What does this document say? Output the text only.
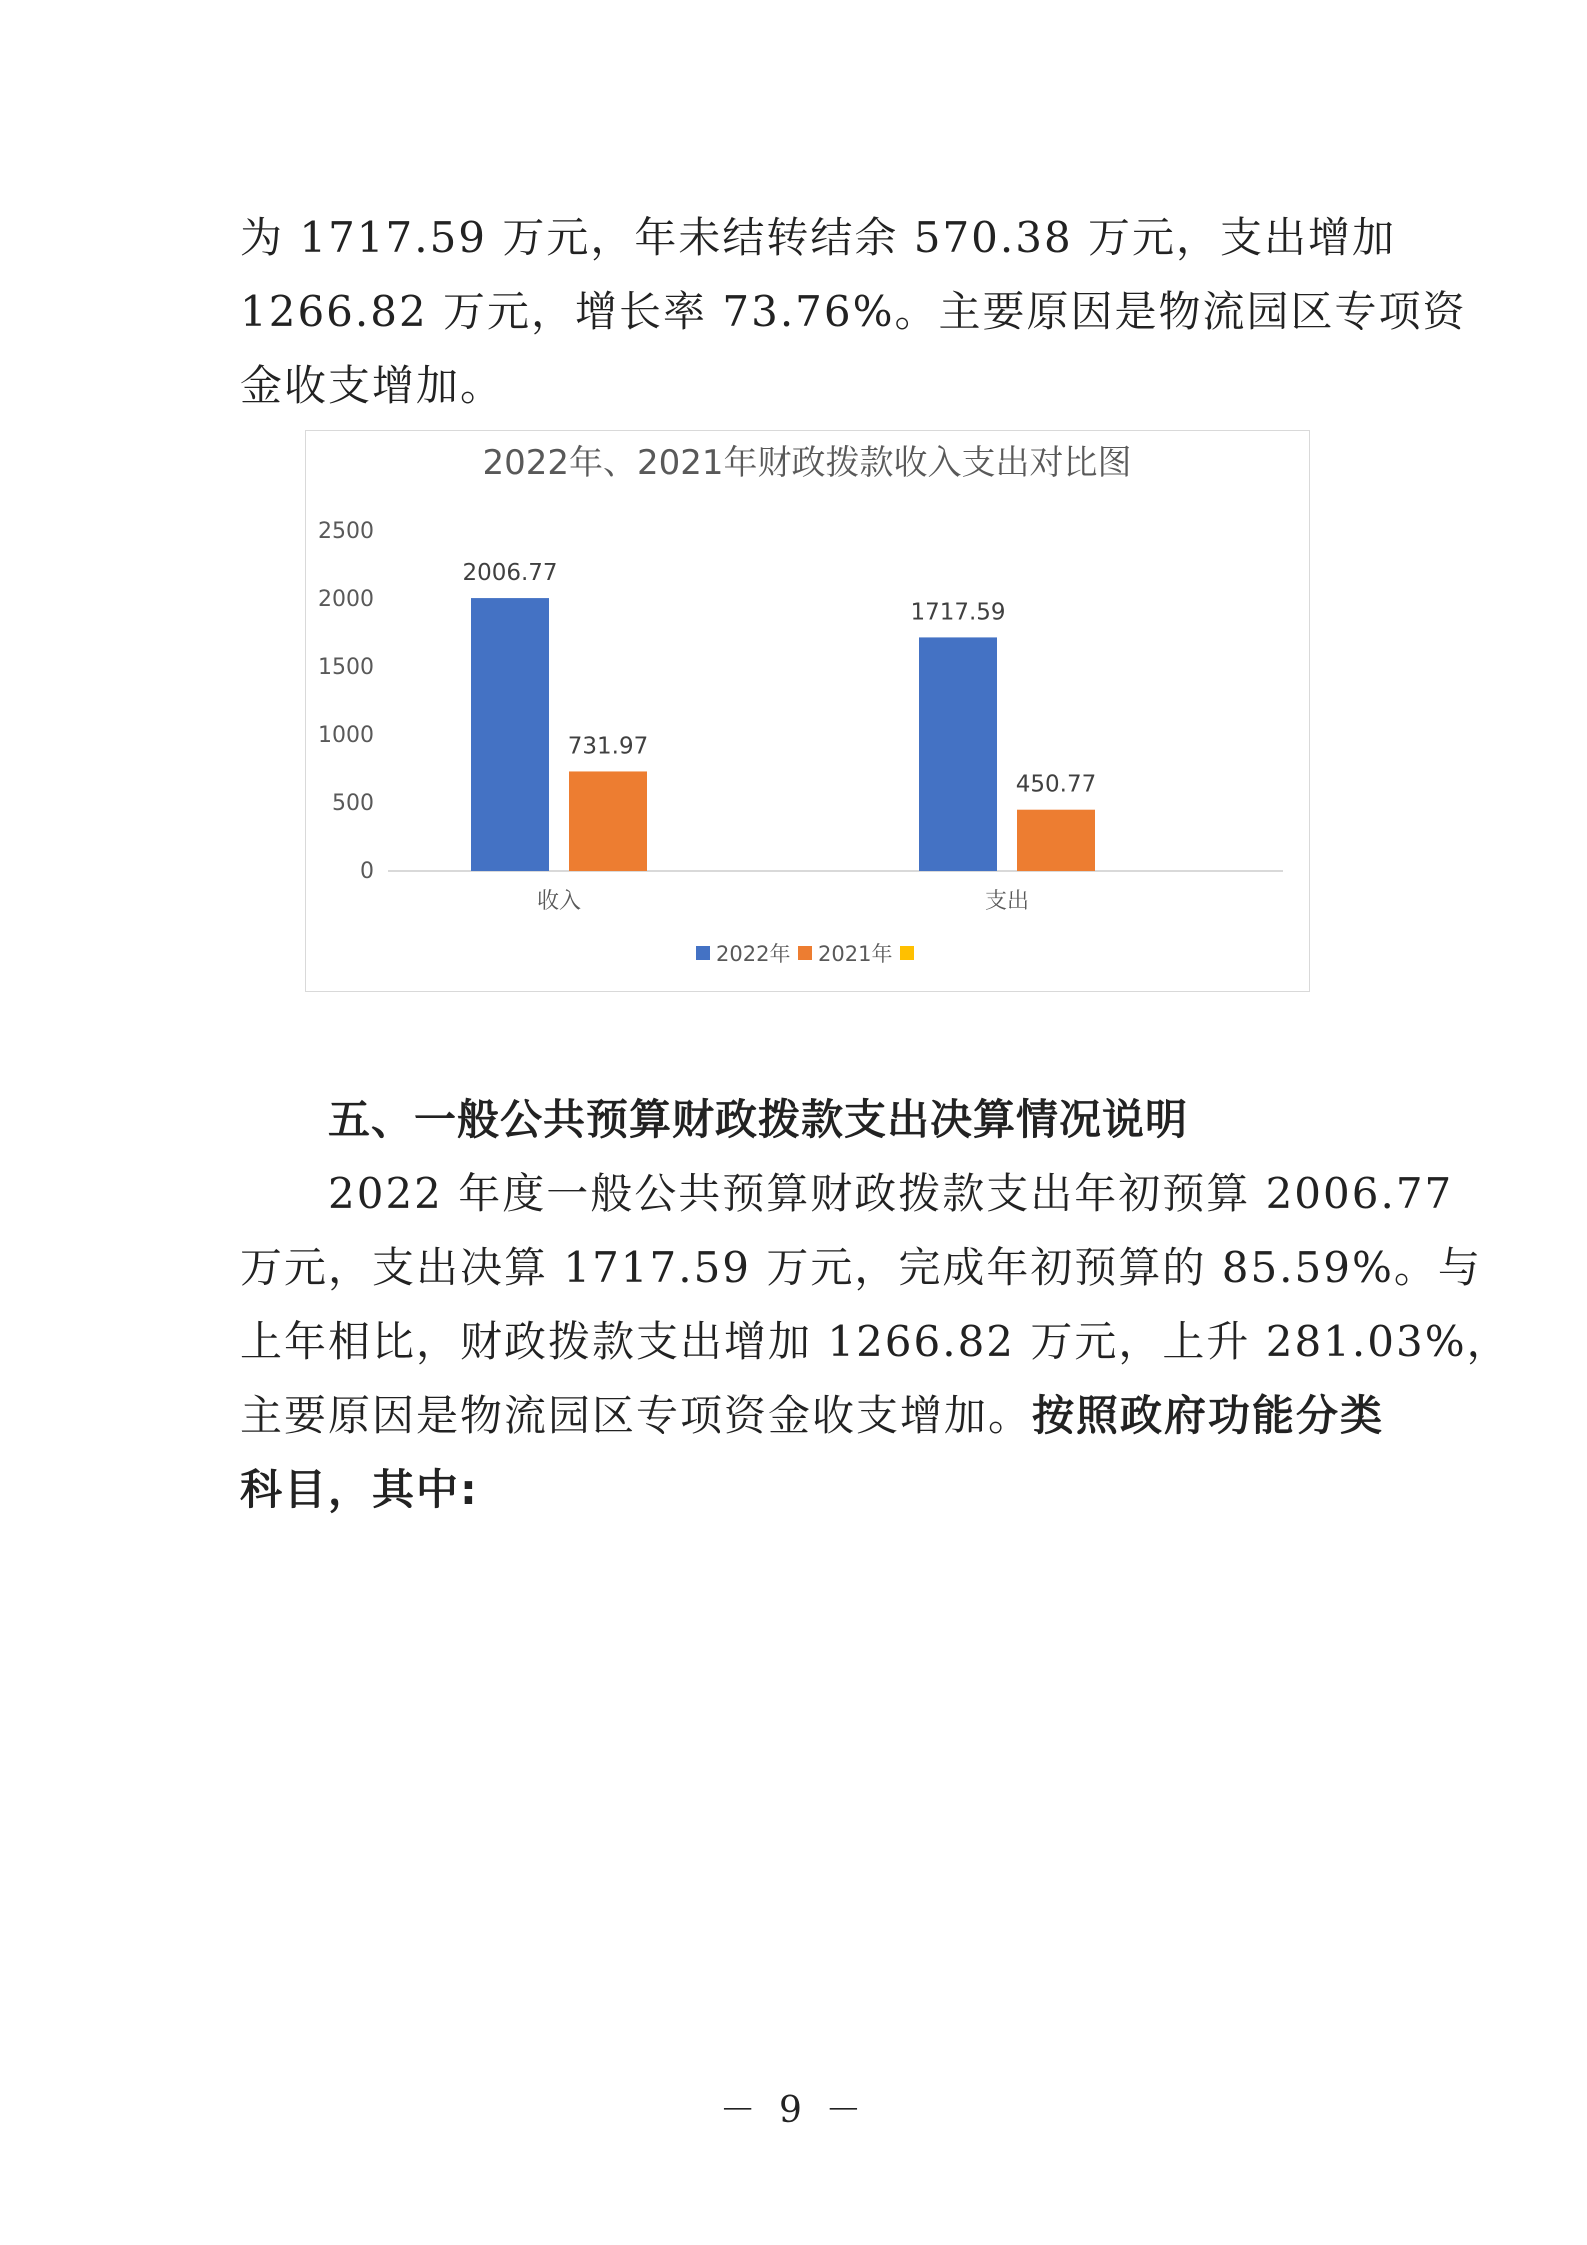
为 1717.59 万元，年未结转结余 570.38 万元，支出增加
1266.82 万元，增长率 73.76%。主要原因是物流园区专项资
金收支增加。
2022年、2021年财政拨款收入支出对比图
0
500
1000
1500
2000
2500
2006.77
1717.59
731.97
450.77
收入	支出
2022年 2021年
五、一般公共预算财政拨款支出决算情况说明
2022 年度一般公共预算财政拨款支出年初预算 2006.77
万元，支出决算 1717.59 万元，完成年初预算的 85.59%。与
上年相比，财政拨款支出增加 1266.82 万元，上升 281.03%，
主要原因是物流园区专项资金收支增加。按照政府功能分类
科目，其中:
－ 9 －
